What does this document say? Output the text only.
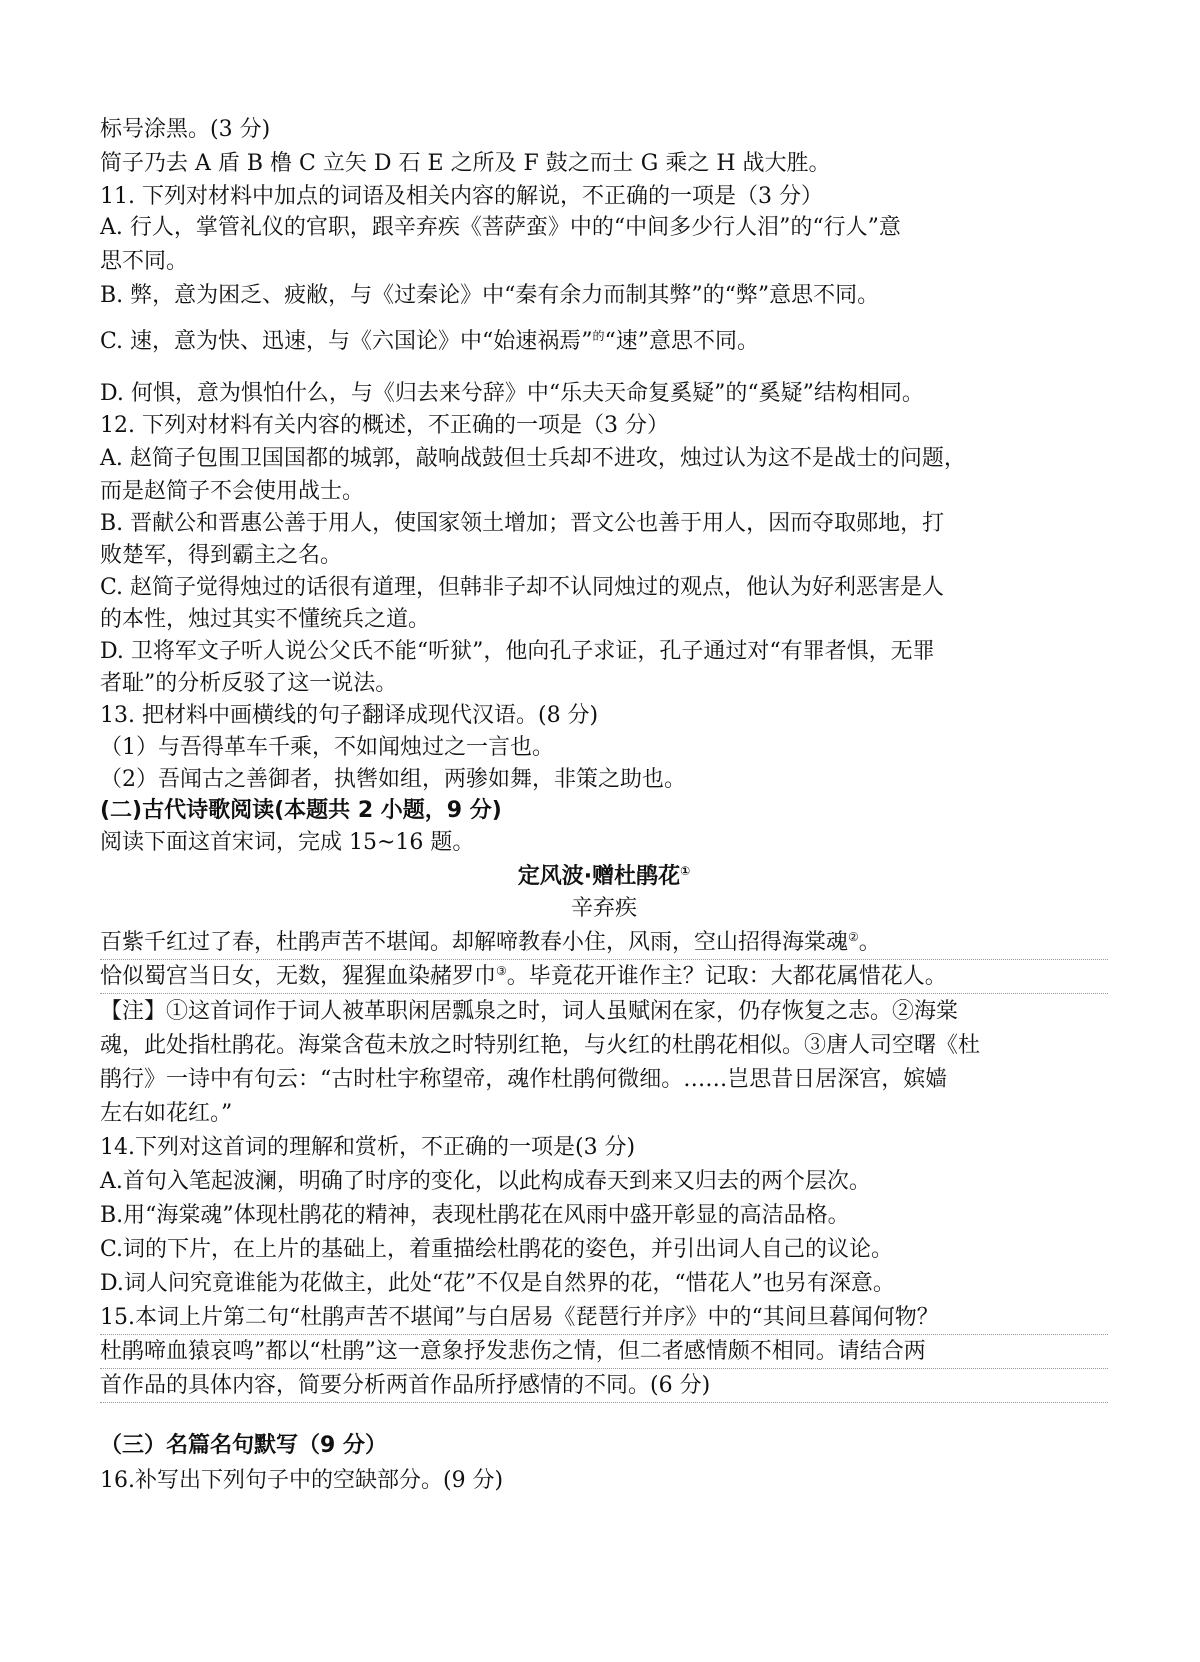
标号涂黑。(3 分)
简子乃去 A 盾 B 橹 C 立矢 D 石 E 之所及 F 鼓之而士 G 乘之 H 战大胜。
11. 下列对材料中加点的词语及相关内容的解说，不正确的一项是（3 分）
A. 行人，掌管礼仪的官职，跟辛弃疾《菩萨蛮》中的“中间多少行人泪”的“行人”意
思不同。
B. 弊，意为困乏、疲敝，与《过秦论》中“秦有余力而制其弊”的“弊”意思不同。
C. 速，意为快、迅速，与《六国论》中“始速祸焉”$^的$“速”意思不同。
D. 何惧，意为惧怕什么，与《归去来兮辞》中“乐夫天命复奚疑”的“奚疑”结构相同。
12. 下列对材料有关内容的概述，不正确的一项是（3 分）
A. 赵简子包围卫国国都的城郭，敲响战鼓但士兵却不进攻，烛过认为这不是战士的问题，
而是赵简子不会使用战士。
B. 晋献公和晋惠公善于用人，使国家领土增加；晋文公也善于用人，因而夺取郧地，打
败楚军，得到霸主之名。
C. 赵简子觉得烛过的话很有道理，但韩非子却不认同烛过的观点，他认为好利恶害是人
的本性，烛过其实不懂统兵之道。
D. 卫将军文子听人说公父氏不能“听狱”，他向孔子求证，孔子通过对“有罪者惧，无罪
者耻”的分析反驳了这一说法。
13. 把材料中画横线的句子翻译成现代汉语。(8 分)
（1）与吾得革车千乘，不如闻烛过之一言也。
（2）吾闻古之善御者，执辔如组，两骖如舞，非策之助也。
(二)古代诗歌阅读(本题共 2 小题，9 分)
阅读下面这首宋词，完成 15~16 题。
定风波·赠杜鹃花①
辛弃疾
百紫千红过了春，杜鹃声苦不堪闻。却解啼教春小住，风雨，空山招得海棠魂②。
恰似蜀宫当日女，无数，猩猩血染赭罗巾③。毕竟花开谁作主？记取：大都花属惜花人。
【注】①这首词作于词人被革职闲居瓢泉之时，词人虽赋闲在家，仍存恢复之志。②海棠
魂，此处指杜鹃花。海棠含苞未放之时特别红艳，与火红的杜鹃花相似。③唐人司空曙《杜
鹃行》一诗中有句云：“古时杜宇称望帝，魂作杜鹃何微细。……岂思昔日居深宫，嫔嫱
左右如花红。”
14.下列对这首词的理解和赏析，不正确的一项是(3 分)
A.首句入笔起波澜，明确了时序的变化，以此构成春天到来又归去的两个层次。
B.用“海棠魂”体现杜鹃花的精神，表现杜鹃花在风雨中盛开彰显的高洁品格。
C.词的下片，在上片的基础上，着重描绘杜鹃花的姿色，并引出词人自己的议论。
D.词人问究竟谁能为花做主，此处“花”不仅是自然界的花，“惜花人”也另有深意。
15.本词上片第二句“杜鹃声苦不堪闻”与白居易《琵琶行并序》中的“其间旦暮闻何物？
杜鹃啼血猿哀鸣”都以“杜鹃”这一意象抒发悲伤之情，但二者感情颇不相同。请结合两
首作品的具体内容，简要分析两首作品所抒感情的不同。(6 分)
（三）名篇名句默写（9 分）
16.补写出下列句子中的空缺部分。(9 分)
